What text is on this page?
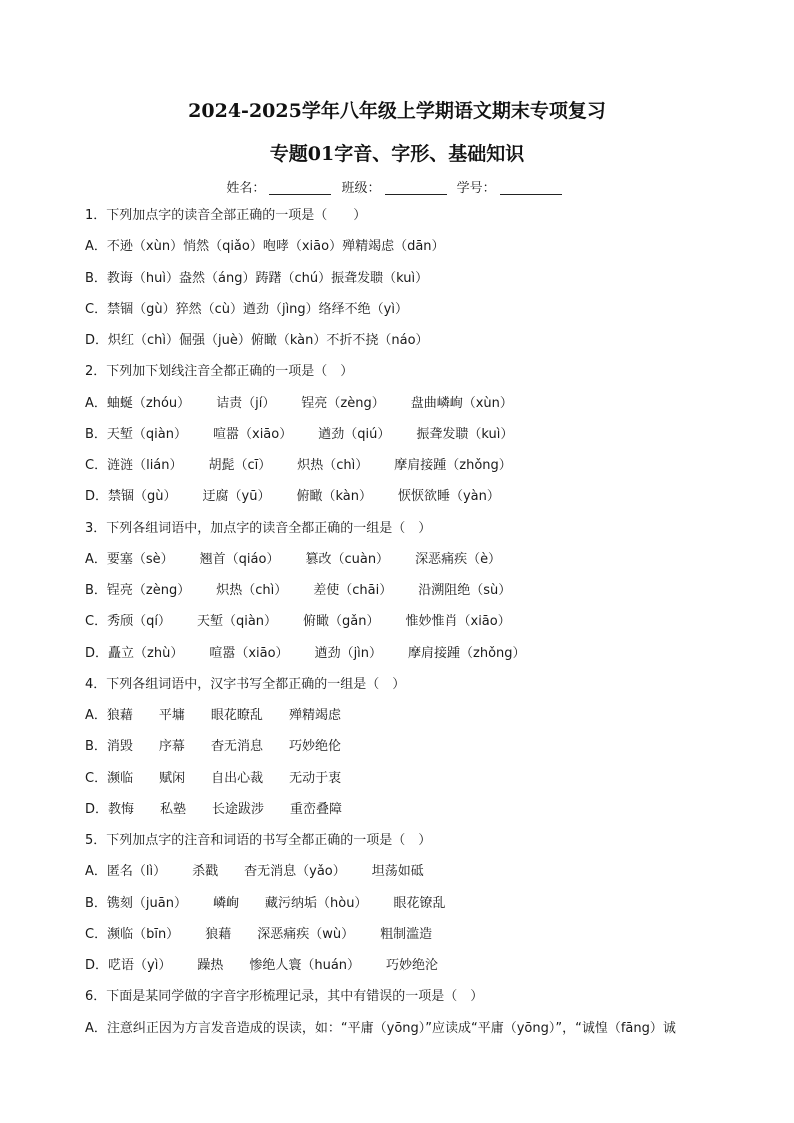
2024-2025学年八年级上学期语文期末专项复习
专题01字音、字形、基础知识
姓名：	班级：	学号：
1．下列加点字的读音全部正确的一项是（　　）
A．不逊（xùn）悄然（qiǎo）咆哮（xiāo）殚精竭虑（dān）
B．教诲（huì）盎然（áng）踌躇（chú）振聋发聩（kuì）
C．禁锢（gù）猝然（cù）遒劲（jìng）络绎不绝（yì）
D．炽红（chì）倔强（juè）俯瞰（kàn）不折不挠（náo）
2．下列加下划线注音全都正确的一项是（　）
A．蚰蜒（zhóu） 诘责（jí） 锃亮（zèng） 盘曲嶙峋（xùn）
B．天堑（qiàn） 喧嚣（xiāo） 遒劲（qiú） 振聋发聩（kuì）
C．涟涟（lián） 胡髭（cī） 炽热（chì） 摩肩接踵（zhǒng）
D．禁锢（gù） 迂腐（yū） 俯瞰（kàn） 恹恹欲睡（yàn）
3．下列各组词语中，加点字的读音全都正确的一组是（　）
A．要塞（sè） 翘首（qiáo） 篡改（cuàn） 深恶痛疾（è）
B．锃亮（zèng） 炽热（chì） 差使（chāi） 沿溯阻绝（sù）
C．秀颀（qí） 天堑（qiàn） 俯瞰（gǎn） 惟妙惟肖（xiāo）
D．矗立（zhù） 喧嚣（xiāo） 遒劲（jìn） 摩肩接踵（zhǒng）
4．下列各组词语中，汉字书写全都正确的一组是（　）
A．狼藉 平墉 眼花瞭乱 殚精竭虑
B．消毁 序幕 杳无消息 巧妙绝伦
C．濒临 赋闲 自出心裁 无动于衷
D．教悔 私塾 长途跋涉 重峦叠障
5．下列加点字的注音和词语的书写全都正确的一项是（　）
A．匿名（lì） 杀戳 杳无消息（yǎo） 坦荡如砥
B．镌刻（juān） 嶙峋 藏污纳垢（hòu） 眼花镣乱
C．濒临（bīn） 狼藉 深恶痛疾（wù） 粗制滥造
D．呓语（yì） 躁热 惨绝人寰（huán） 巧妙绝沦
6．下面是某同学做的字音字形梳理记录，其中有错误的一项是（　）
A．注意纠正因为方言发音造成的误读，如：“平庸（yōng）”应读成“平庸（yōng）”，“诚惶（fāng）诚
